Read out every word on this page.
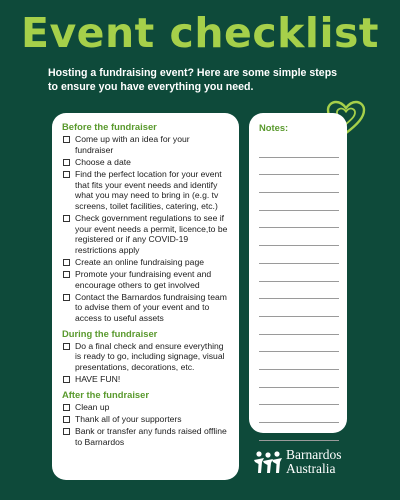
Event checklist
Hosting a fundraising event? Here are some simple steps to ensure you have everything you need.
Before the fundraiser
Come up with an idea for your fundraiser
Choose a date
Find the perfect location for your event that fits your event needs and identify what you may need to bring in (e.g. tv screens, toilet facilities, catering, etc.)
Check government regulations to see if your event needs a permit, licence,to be registered or if any COVID-19 restrictions apply
Create an online fundraising page
Promote your fundraising event and encourage others to get involved
Contact the Barnardos fundraising team to advise them of your event and to access to useful assets
During the fundraiser
Do a final check and ensure everything is ready to go, including signage, visual presentations, decorations, etc.
HAVE FUN!
After the fundraiser
Clean up
Thank all of your supporters
Bank or transfer any funds raised offline to Barnardos
Notes:
Barnardos
Australia
